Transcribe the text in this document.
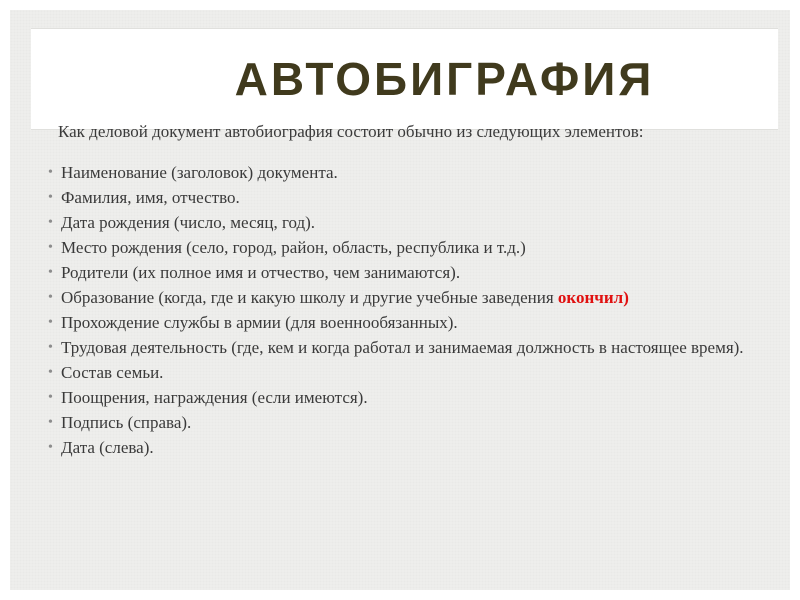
АВТОБИГРАФИЯ

Как деловой документ автобиография состоит обычно из следующих элементов:

• Наименование (заголовок) документа.
• Фамилия, имя, отчество.
• Дата рождения (число, месяц, год).
• Место рождения (село, город, район, область, республика и т.д.)
• Родители (их полное имя и отчество, чем занимаются).
• Образование (когда, где и какую школу и другие учебные заведения окончил)
• Прохождение службы в армии (для военнообязанных).
• Трудовая деятельность (где, кем и когда работал и занимаемая должность в настоящее время).
• Состав семьи.
• Поощрения, награждения (если имеются).
• Подпись (справа).
• Дата (слева).
